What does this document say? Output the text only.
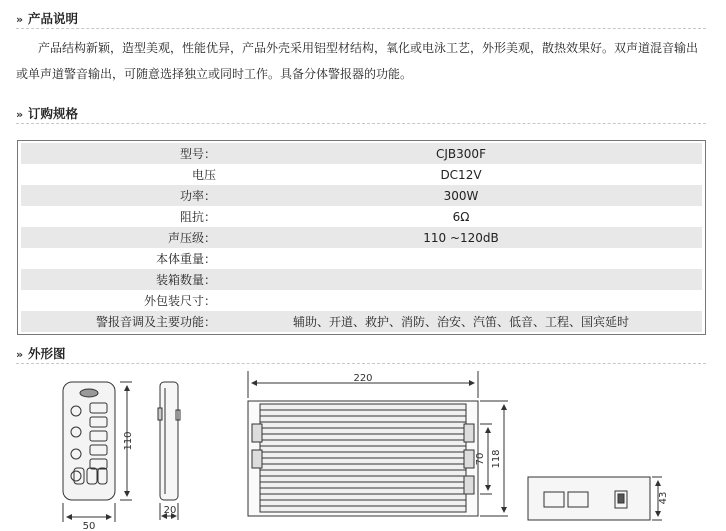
» 产品说明
产品结构新颖，造型美观，性能优异，产品外壳采用铝型材结构，氧化或电泳工艺，外形美观，散热效果好。双声道混音输出
或单声道警音输出，可随意选择独立或同时工作。具备分体警报器的功能。
» 订购规格
型号：	CJB300F
电压	DC12V
功率：	300W
阻抗：	6Ω
声压级：	110 ~120dB
本体重量：	
装箱数量：	
外包装尺寸：	
警报音调及主要功能：	辅助、开道、救护、消防、治安、汽笛、低音、工程、国宾延时
» 外形图
110
50
20
220
70 118
43
